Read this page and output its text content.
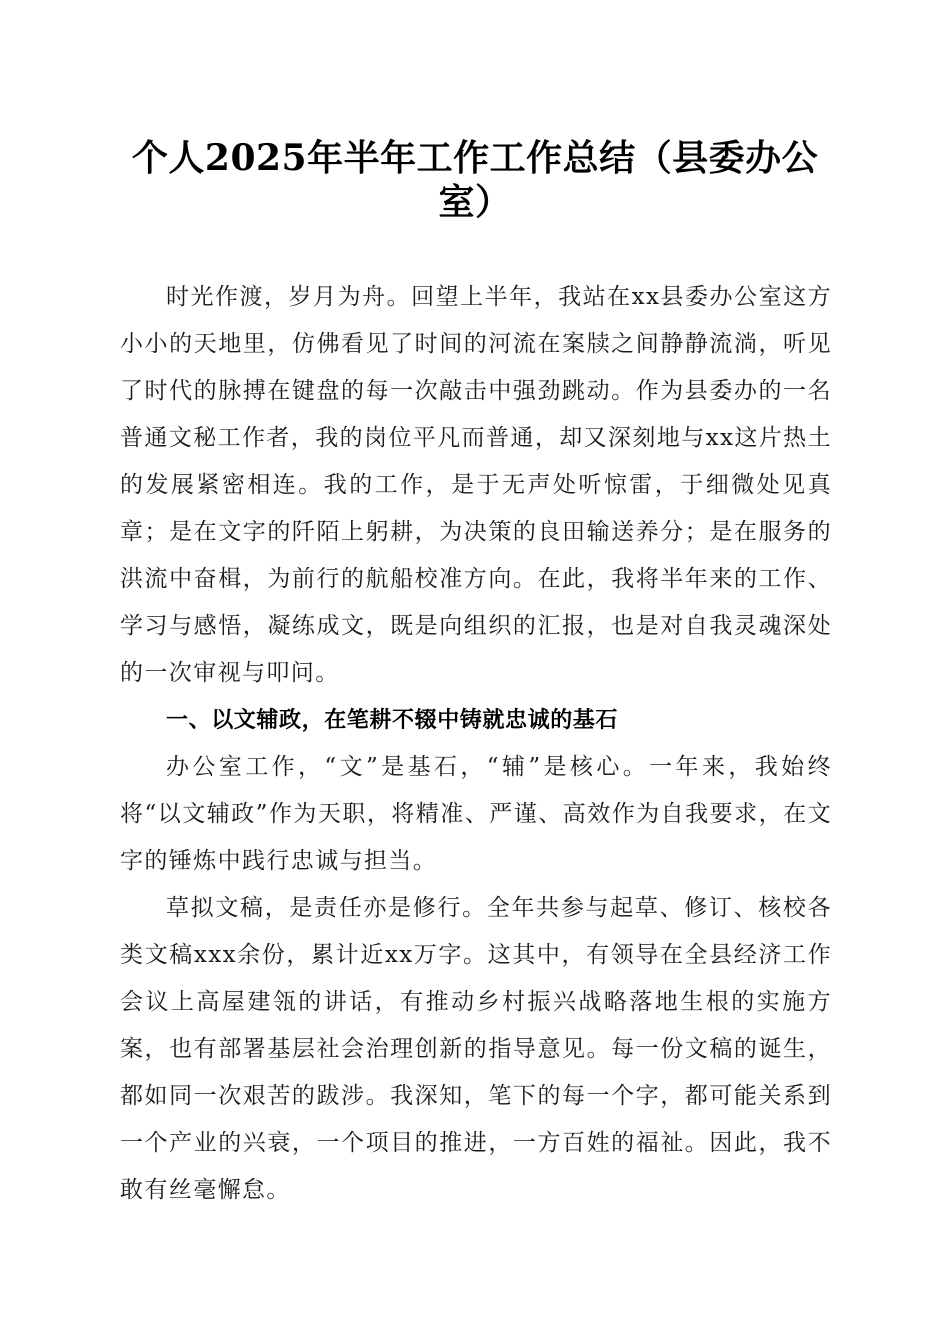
个人2025年半年工作工作总结（县委办公室）

时光作渡，岁月为舟。回望上半年，我站在xx县委办公室这方小小的天地里，仿佛看见了时间的河流在案牍之间静静流淌，听见了时代的脉搏在键盘的每一次敲击中强劲跳动。作为县委办的一名普通文秘工作者，我的岗位平凡而普通，却又深刻地与xx这片热土的发展紧密相连。我的工作，是于无声处听惊雷，于细微处见真章；是在文字的阡陌上躬耕，为决策的良田输送养分；是在服务的洪流中奋楫，为前行的航船校准方向。在此，我将半年来的工作、学习与感悟，凝练成文，既是向组织的汇报，也是对自我灵魂深处的一次审视与叩问。

一、以文辅政，在笔耕不辍中铸就忠诚的基石

办公室工作，“文”是基石，“辅”是核心。一年来，我始终将“以文辅政”作为天职，将精准、严谨、高效作为自我要求，在文字的锤炼中践行忠诚与担当。

草拟文稿，是责任亦是修行。全年共参与起草、修订、核校各类文稿xxx余份，累计近xx万字。这其中，有领导在全县经济工作会议上高屋建瓴的讲话，有推动乡村振兴战略落地生根的实施方案，也有部署基层社会治理创新的指导意见。每一份文稿的诞生，都如同一次艰苦的跋涉。我深知，笔下的每一个字，都可能关系到一个产业的兴衰，一个项目的推进，一方百姓的福祉。因此，我不敢有丝毫懈怠。
